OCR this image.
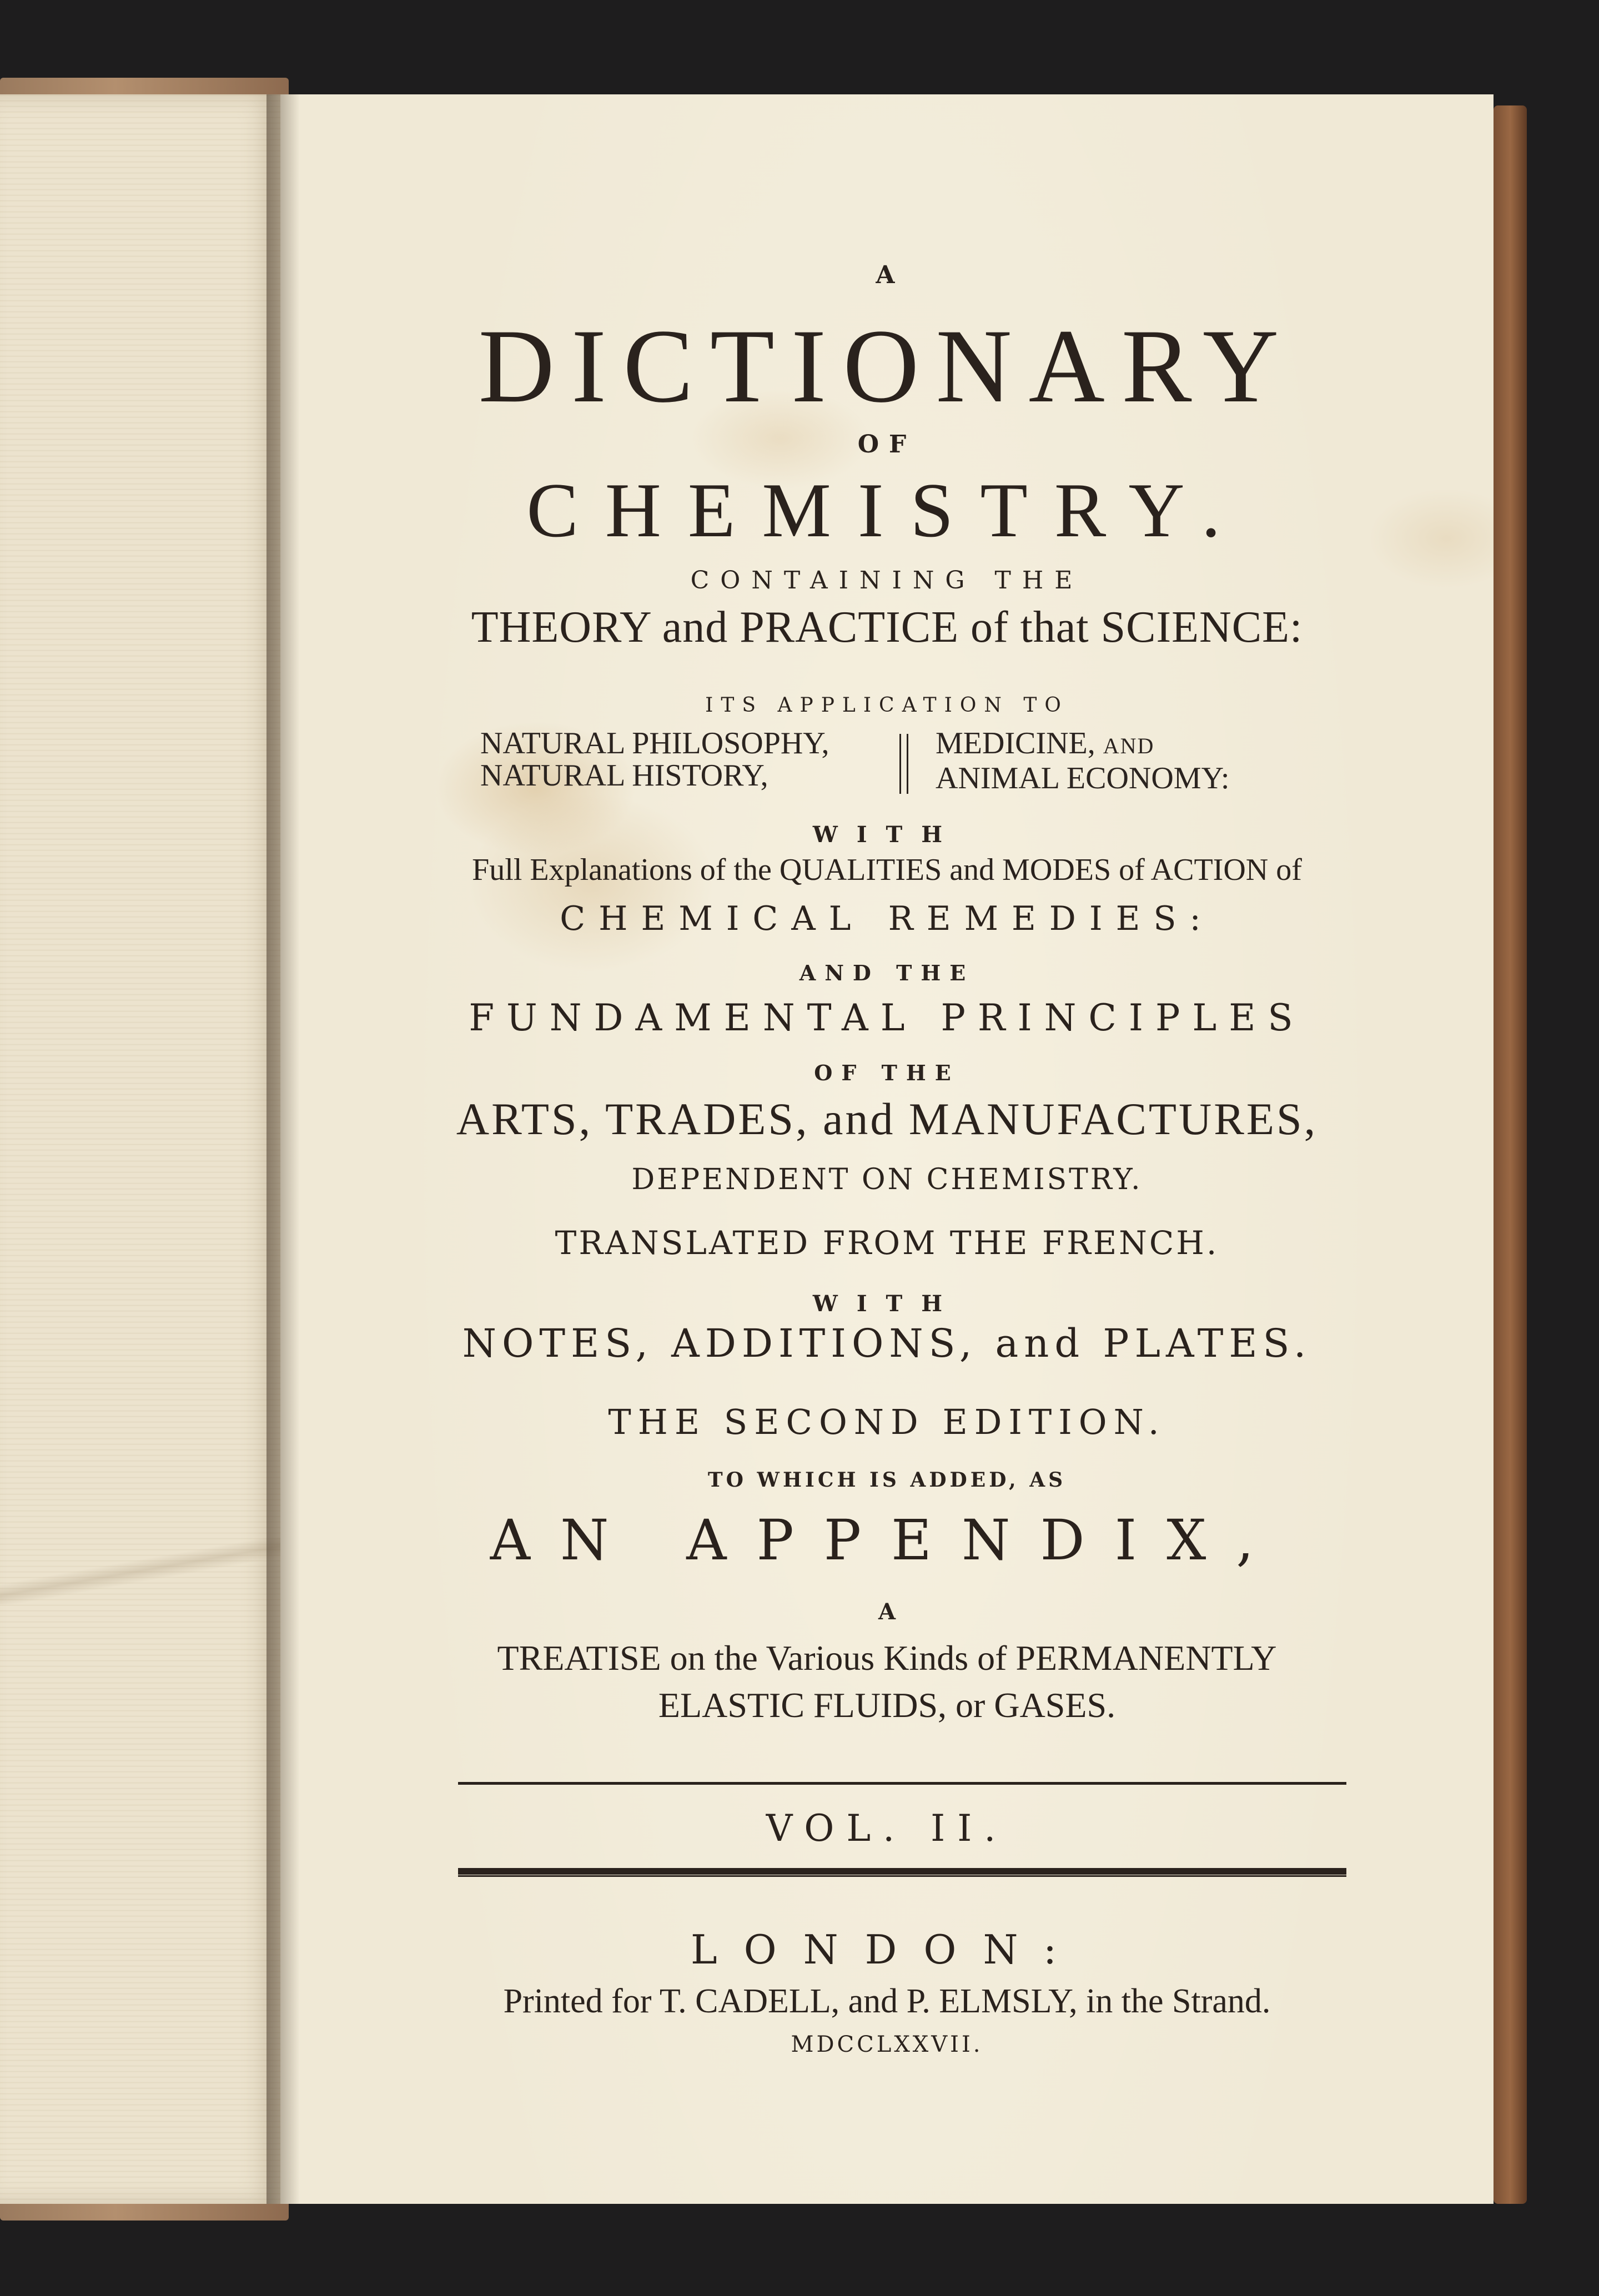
A
DICTIONARY
OF
CHEMISTRY.
CONTAINING THE
THEORY and PRACTICE of that SCIENCE:
ITS APPLICATION TO
NATURAL PHILOSOPHY,
NATURAL HISTORY,
MEDICINE, AND
ANIMAL ECONOMY:
WITH
Full Explanations of the QUALITIES and MODES of ACTION of
CHEMICAL REMEDIES:
AND THE
FUNDAMENTAL PRINCIPLES
OF THE
ARTS, TRADES, and MANUFACTURES,
DEPENDENT ON CHEMISTRY.
TRANSLATED FROM THE FRENCH.
WITH
NOTES, ADDITIONS, and PLATES.
THE SECOND EDITION.
TO WHICH IS ADDED, AS
AN APPENDIX,
A
TREATISE on the Various Kinds of PERMANENTLY
ELASTIC FLUIDS, or GASES.
VOL. II.
LONDON:
Printed for T. CADELL, and P. ELMSLY, in the Strand.
MDCCLXXVII.
